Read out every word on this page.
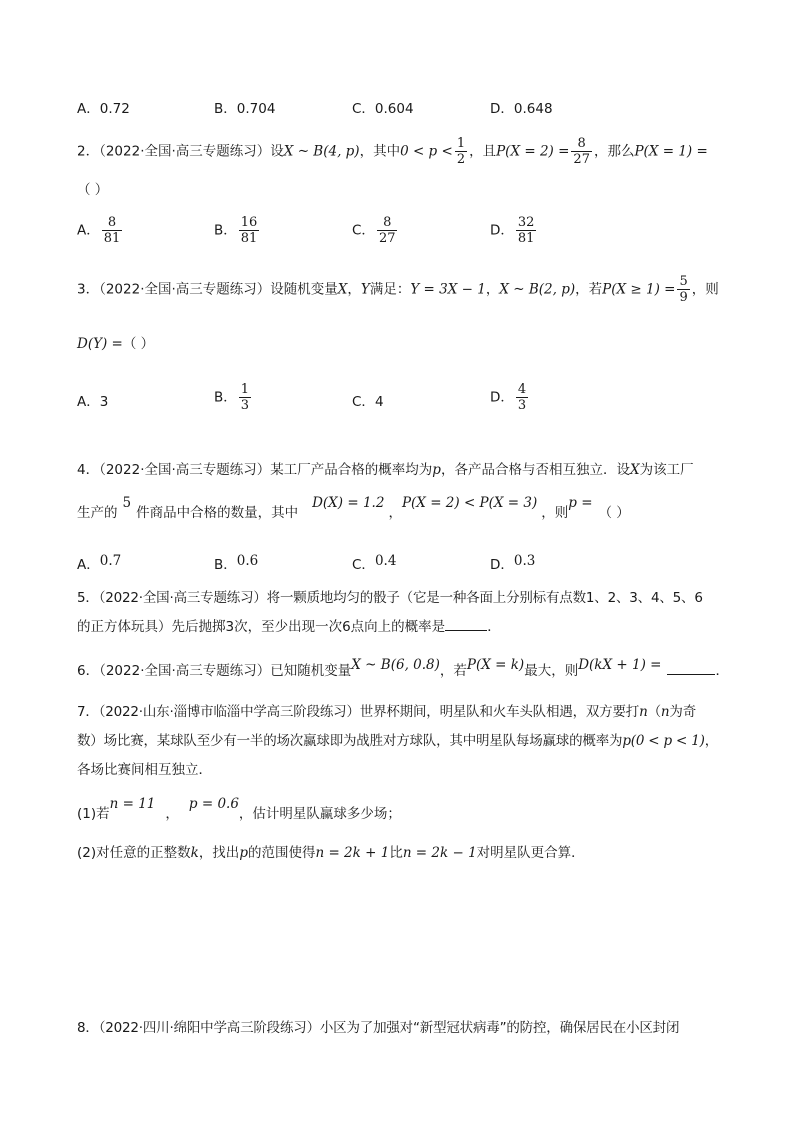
A．0.72	B．0.704	C．0.604	D．0.648
2．（2022·全国·高三专题练习）设X ~ B(4, p)，其中$0 < p < \frac{1}{2}$ ，且$P(X = 2) = \frac{8}{27}$ ，那么P(X = 1) =
（ ）
A． $\frac{8}{81}$	B． $\frac{16}{81}$	C． $\frac{8}{27}$	D． $\frac{32}{81}$
3．（2022·全国·高三专题练习）设随机变量X，Y满足：Y = 3X − 1，X ~ B(2, p)，若$P(X \ge 1) = \frac{5}{9}$ ，则
D(Y) =（ ）
A．3	B． $\frac{1}{3}$	C．4	D． $\frac{4}{3}$
4．（2022·全国·高三专题练习）某工厂产品合格的概率均为p，各产品合格与否相互独立．设X为该工厂
生产的5件商品中合格的数量，其中D(X) = 1.2，P(X = 2) < P(X = 3)，则p =（ ）
A．0.7	B．0.6	C．0.4	D．0.3
5．（2022·全国·高三专题练习）将一颗质地均匀的骰子（它是一种各面上分别标有点数1、2、3、4、5、6
的正方体玩具）先后抛掷3次，至少出现一次6点向上的概率是	．
6．（2022·全国·高三专题练习）已知随机变量X ~ B(6, 0.8)，若P(X = k)最大，则D(kX + 1) =	．
7．（2022·山东·淄博市临淄中学高三阶段练习）世界杯期间，明星队和火车头队相遇，双方要打n（n为奇
数）场比赛，某球队至少有一半的场次赢球即为战胜对方球队，其中明星队每场赢球的概率为p(0 < p < 1)，
各场比赛间相互独立．
(1)若n = 11，p = 0.6，估计明星队赢球多少场；
(2)对任意的正整数k，找出p的范围使得n = 2k + 1比n = 2k − 1对明星队更合算．
8．（2022·四川·绵阳中学高三阶段练习）小区为了加强对“新型冠状病毒”的防控，确保居民在小区封闭
